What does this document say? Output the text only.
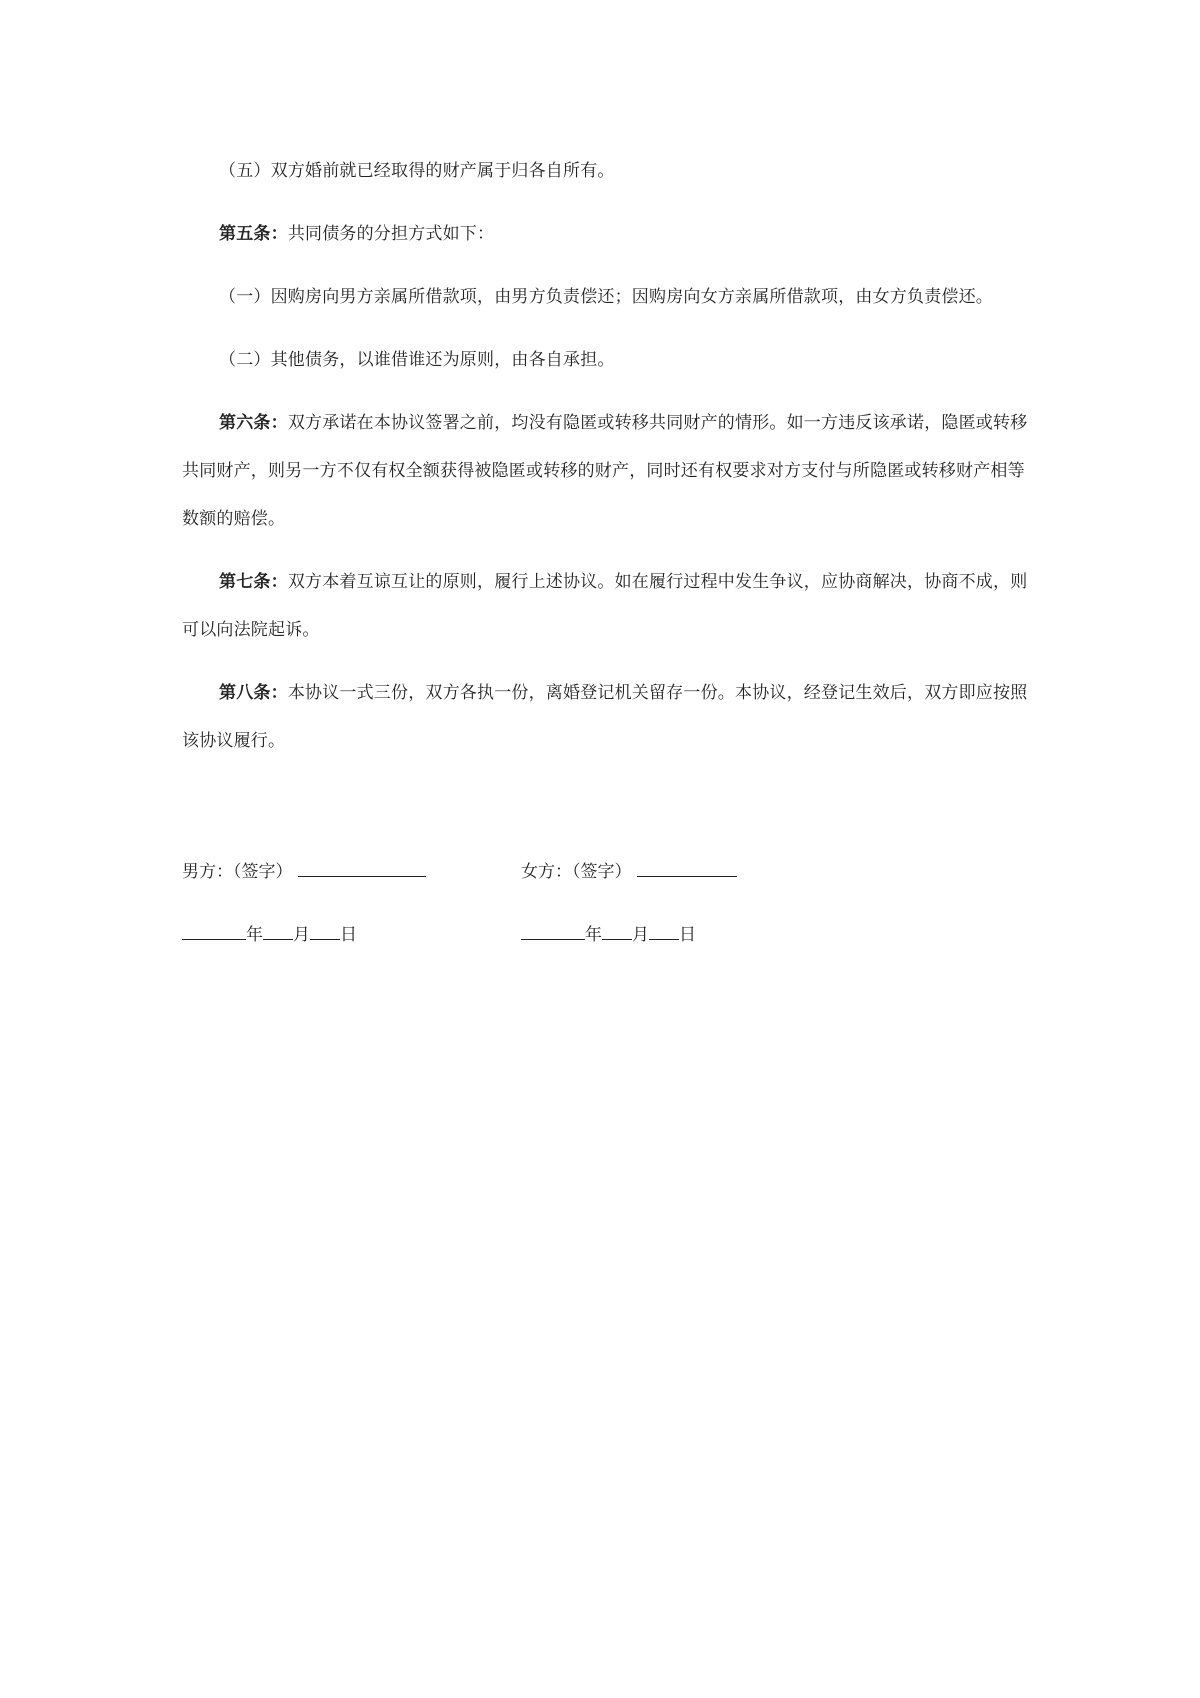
（五）双方婚前就已经取得的财产属于归各自所有。

第五条：共同债务的分担方式如下：

（一）因购房向男方亲属所借款项，由男方负责偿还；因购房向女方亲属所借款项，由女方负责偿还。

（二）其他债务，以谁借谁还为原则，由各自承担。

第六条：双方承诺在本协议签署之前，均没有隐匿或转移共同财产的情形。如一方违反该承诺，隐匿或转移共同财产，则另一方不仅有权全额获得被隐匿或转移的财产，同时还有权要求对方支付与所隐匿或转移财产相等数额的赔偿。

第七条：双方本着互谅互让的原则，履行上述协议。如在履行过程中发生争议，应协商解决，协商不成，则可以向法院起诉。

第八条：本协议一式三份，双方各执一份，离婚登记机关留存一份。本协议，经登记生效后，双方即应按照该协议履行。

男方：（签字）	女方：（签字）
年 月 日	年 月 日
